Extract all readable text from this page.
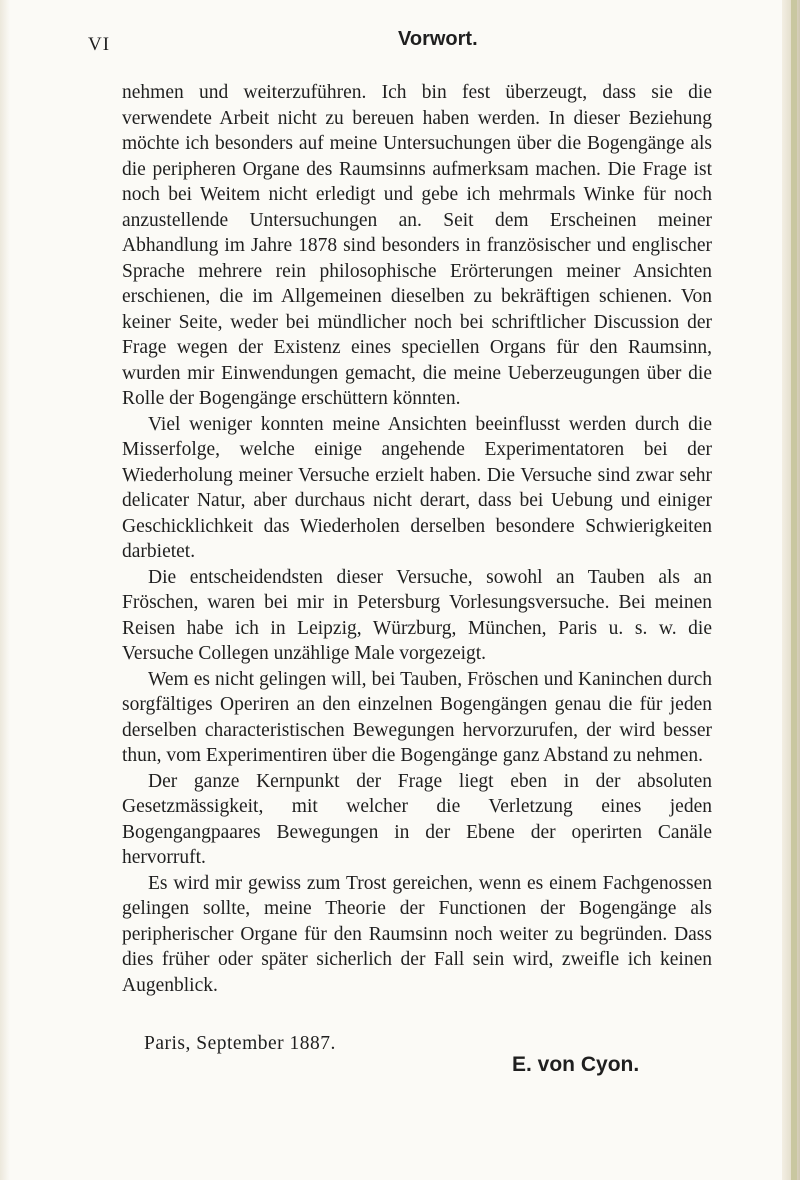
VI	Vorwort.

nehmen und weiterzuführen. Ich bin fest überzeugt, dass sie die verwendete Arbeit nicht zu bereuen haben werden. In dieser Beziehung möchte ich besonders auf meine Untersuchungen über die Bogengänge als die peripheren Organe des Raumsinns aufmerksam machen. Die Frage ist noch bei Weitem nicht erledigt und gebe ich mehrmals Winke für noch anzustellende Untersuchungen an. Seit dem Erscheinen meiner Abhandlung im Jahre 1878 sind besonders in französischer und englischer Sprache mehrere rein philosophische Erörterungen meiner Ansichten erschienen, die im Allgemeinen dieselben zu bekräftigen schienen. Von keiner Seite, weder bei mündlicher noch bei schriftlicher Discussion der Frage wegen der Existenz eines speciellen Organs für den Raumsinn, wurden mir Einwendungen gemacht, die meine Ueberzeugungen über die Rolle der Bogengänge erschüttern könnten.

Viel weniger konnten meine Ansichten beeinflusst werden durch die Misserfolge, welche einige angehende Experimentatoren bei der Wiederholung meiner Versuche erzielt haben. Die Versuche sind zwar sehr delicater Natur, aber durchaus nicht derart, dass bei Uebung und einiger Geschicklichkeit das Wiederholen derselben besondere Schwierigkeiten darbietet.

Die entscheidendsten dieser Versuche, sowohl an Tauben als an Fröschen, waren bei mir in Petersburg Vorlesungsversuche. Bei meinen Reisen habe ich in Leipzig, Würzburg, München, Paris u. s. w. die Versuche Collegen unzählige Male vorgezeigt.

Wem es nicht gelingen will, bei Tauben, Fröschen und Kaninchen durch sorgfältiges Operiren an den einzelnen Bogengängen genau die für jeden derselben characteristischen Bewegungen hervorzurufen, der wird besser thun, vom Experimentiren über die Bogengänge ganz Abstand zu nehmen.

Der ganze Kernpunkt der Frage liegt eben in der absoluten Gesetzmässigkeit, mit welcher die Verletzung eines jeden Bogengangpaares Bewegungen in der Ebene der operirten Canäle hervorruft.

Es wird mir gewiss zum Trost gereichen, wenn es einem Fachgenossen gelingen sollte, meine Theorie der Functionen der Bogengänge als peripherischer Organe für den Raumsinn noch weiter zu begründen. Dass dies früher oder später sicherlich der Fall sein wird, zweifle ich keinen Augenblick.

Paris, September 1887.
E. von Cyon.
